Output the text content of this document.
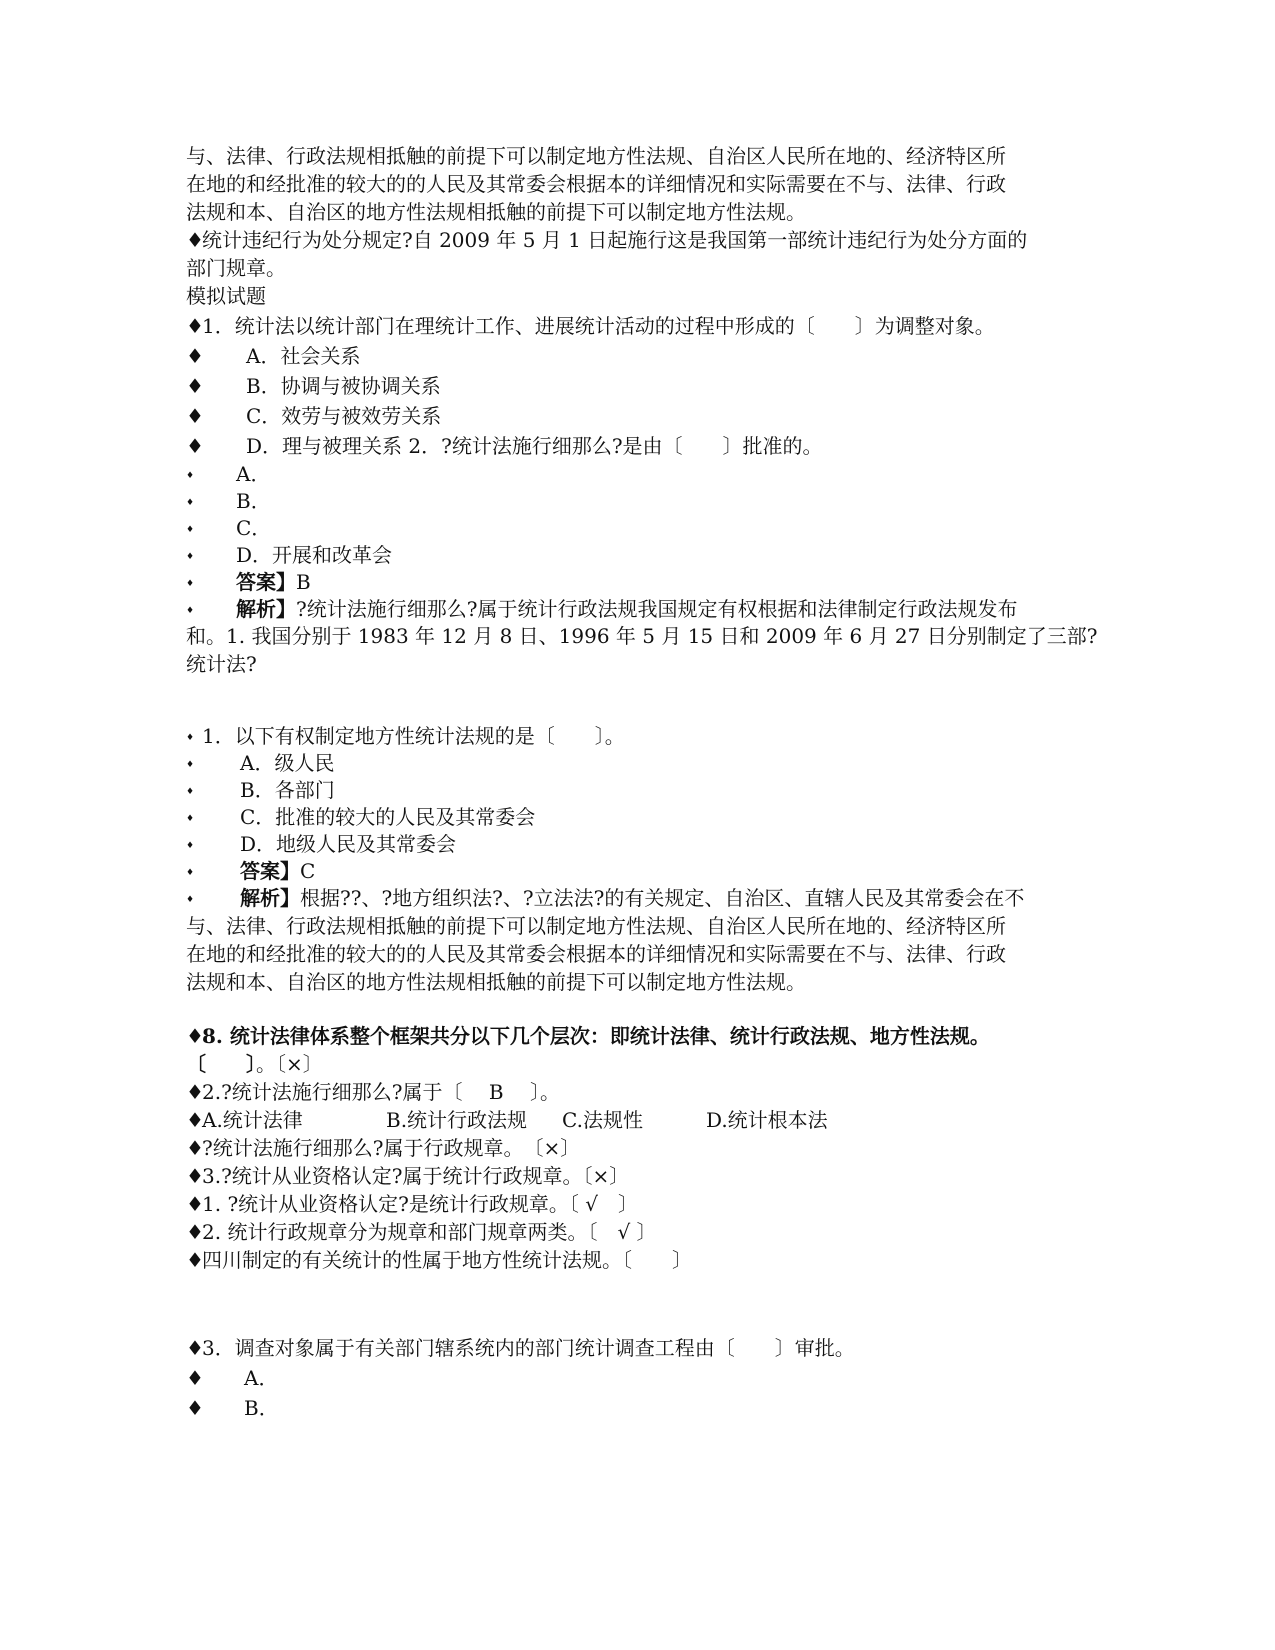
与、法律、行政法规相抵触的前提下可以制定地方性法规、自治区人民所在地的、经济特区所
在地的和经批准的较大的的人民及其常委会根据本的详细情况和实际需要在不与、法律、行政
法规和本、自治区的地方性法规相抵触的前提下可以制定地方性法规。
♦统计违纪行为处分规定?自 2009 年 5 月 1 日起施行这是我国第一部统计违纪行为处分方面的
部门规章。
模拟试题
♦1．统计法以统计部门在理统计工作、进展统计活动的过程中形成的〔　　〕为调整对象。
♦ A．社会关系
♦ B．协调与被协调关系
♦ C．效劳与被效劳关系
♦ D．理与被理关系 2．?统计法施行细那么?是由〔　　〕批准的。
♦ A．
♦ B．
♦ C．
♦ D．开展和改革会
♦ 答案】B
♦ 解析】?统计法施行细那么?属于统计行政法规我国规定有权根据和法律制定行政法规发布
和。1. 我国分别于 1983 年 12 月 8 日、1996 年 5 月 15 日和 2009 年 6 月 27 日分别制定了三部?
统计法?
♦ 1．以下有权制定地方性统计法规的是〔　　〕。
♦ A．级人民
♦ B．各部门
♦ C．批准的较大的人民及其常委会
♦ D．地级人民及其常委会
♦ 答案】C
♦ 解析】根据??、?地方组织法?、?立法法?的有关规定、自治区、直辖人民及其常委会在不
与、法律、行政法规相抵触的前提下可以制定地方性法规、自治区人民所在地的、经济特区所
在地的和经批准的较大的的人民及其常委会根据本的详细情况和实际需要在不与、法律、行政
法规和本、自治区的地方性法规相抵触的前提下可以制定地方性法规。
♦8. 统计法律体系整个框架共分以下几个层次：即统计法律、统计行政法规、地方性法规。
〔　　〕。〔×〕
♦2.?统计法施行细那么?属于〔　 B　 〕。
♦A.统计法律	B.统计行政法规 C.法规性	D.统计根本法
♦?统计法施行细那么?属于行政规章。　〔×〕
♦3.?统计从业资格认定?属于统计行政规章。〔×〕
♦1. ?统计从业资格认定?是统计行政规章。〔 √　〕
♦2. 统计行政规章分为规章和部门规章两类。〔　√ 〕
♦四川制定的有关统计的性属于地方性统计法规。〔　　〕
♦3．调查对象属于有关部门辖系统内的部门统计调查工程由〔　　〕审批。
♦ A．
♦ B．
